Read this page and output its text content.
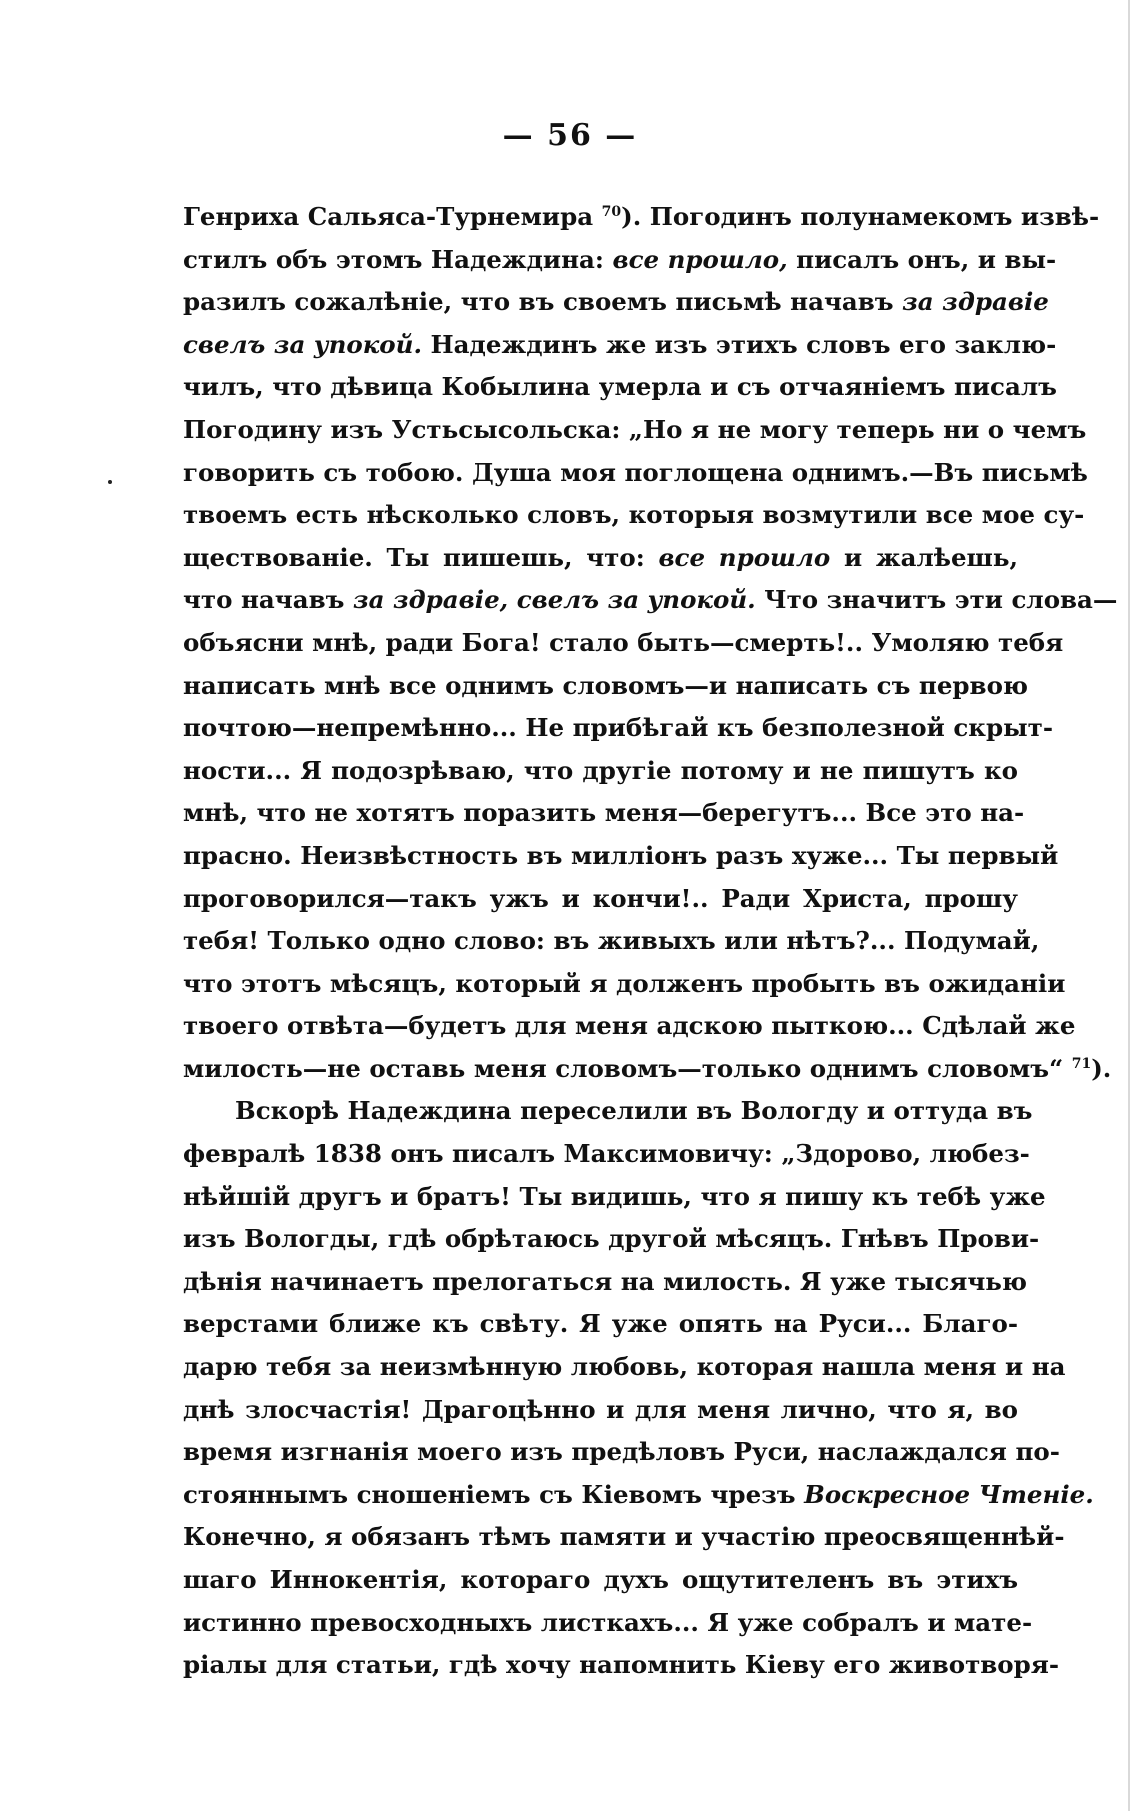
— 56 —
Генриха Сальяса-Турнемира $^{70}$). Погодинъ полунамекомъ извѣ-
стилъ объ этомъ Надеждина: все прошло, писалъ онъ, и вы-
разилъ сожалѣніе, что въ своемъ письмѣ начавъ за здравіе
свелъ за упокой. Надеждинъ же изъ этихъ словъ его заклю-
чилъ, что дѣвица Кобылина умерла и съ отчаяніемъ писалъ
Погодину изъ Устьсысольска: „Но я не могу теперь ни о чемъ
говорить съ тобою. Душа моя поглощена однимъ.—Въ письмѣ
твоемъ есть нѣсколько словъ, которыя возмутили все мое су-
ществованіе. Ты пишешь, что: все прошло и жалѣешь,
что начавъ за здравіе, свелъ за упокой. Что значитъ эти слова—
объясни мнѣ, ради Бога! стало быть—смерть!.. Умоляю тебя
написать мнѣ все однимъ словомъ—и написать съ первою
почтою—непремѣнно... Не прибѣгай къ безполезной скрыт-
ности... Я подозрѣваю, что другіе потому и не пишутъ ко
мнѣ, что не хотятъ поразить меня—берегутъ... Все это на-
прасно. Неизвѣстность въ милліонъ разъ хуже... Ты первый
проговорился—такъ ужъ и кончи!.. Ради Христа, прошу
тебя! Только одно слово: въ живыхъ или нѣтъ?... Подумай,
что этотъ мѣсяцъ, который я долженъ пробыть въ ожиданіи
твоего отвѣта—будетъ для меня адскою пыткою... Сдѣлай же
милость—не оставь меня словомъ—только однимъ словомъ“ $^{71}$).
Вскорѣ Надеждина переселили въ Вологду и оттуда въ
февралѣ 1838 онъ писалъ Максимовичу: „Здорово, любез-
нѣйшій другъ и братъ! Ты видишь, что я пишу къ тебѣ уже
изъ Вологды, гдѣ обрѣтаюсь другой мѣсяцъ. Гнѣвъ Прови-
дѣнія начинаетъ прелогаться на милость. Я уже тысячью
верстами ближе къ свѣту. Я уже опять на Руси... Благо-
дарю тебя за неизмѣнную любовь, которая нашла меня и на
днѣ злосчастія! Драгоцѣнно и для меня лично, что я, во
время изгнанія моего изъ предѣловъ Руси, наслаждался по-
стояннымъ сношеніемъ съ Кіевомъ чрезъ Воскресное Чтеніе.
Конечно, я обязанъ тѣмъ памяти и участію преосвященнѣй-
шаго Иннокентія, котораго духъ ощутителенъ въ этихъ
истинно превосходныхъ листкахъ... Я уже собралъ и мате-
ріалы для статьи, гдѣ хочу напомнить Кіеву его животворя-
